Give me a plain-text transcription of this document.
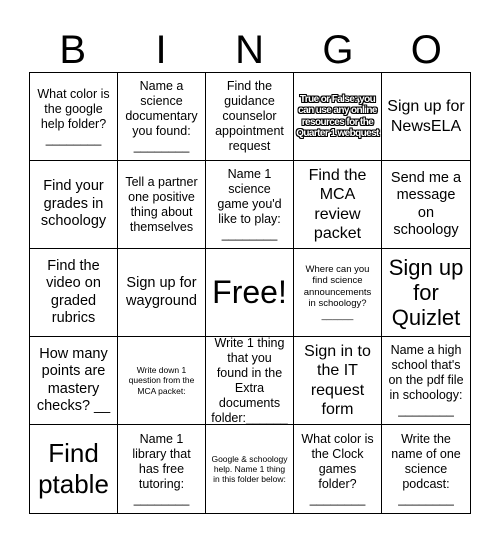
B	I	N	G	O
What color is the google help folder? ________
Name a science documentary you found: ________
Find the guidance counselor appointment request
True or False: you can use any online resources for the Quarter 1 webquest
Sign up for NewsELA
Find your grades in schoology
Tell a partner one positive thing about themselves
Name 1 science game you'd like to play: ________
Find the MCA review packet
Send me a message on schoology
Find the video on graded rubrics
Sign up for wayground Free!
Where can you find science announcements in schoology? ______
Sign up for Quizlet
How many points are mastery checks? __
Write down 1 question from the MCA packet:
Write 1 thing that you found in the Extra documents folder:______
Sign in to the IT request form
Name a high school that's on the pdf file in schoology: ________
Find ptable
Name 1 library that has free tutoring: ________
Google & schoology help. Name 1 thing in this folder below:
What color is the Clock games folder? ________
Write the name of one science podcast: ________
